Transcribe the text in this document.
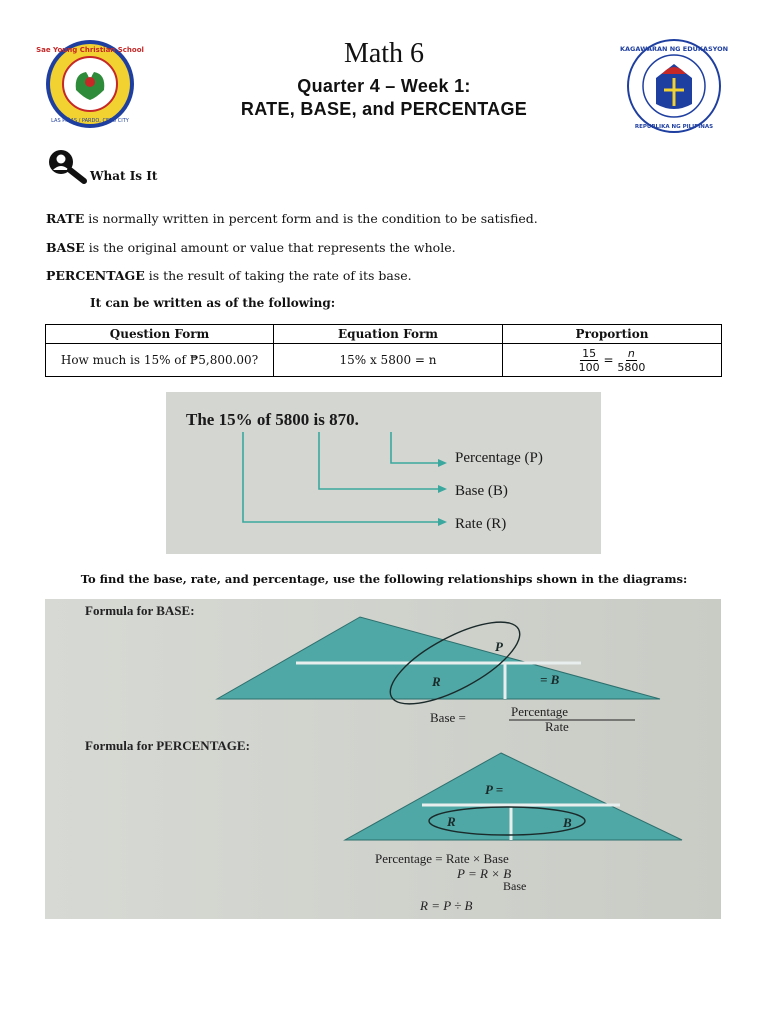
Sae Young Christian School
LAS PIÑAS / PARDO, CEBU CITY
Math 6
Quarter 4 – Week 1:
RATE, BASE, and PERCENTAGE
KAGAWARAN NG EDUKASYON
REPUBLIKA NG PILIPINAS
What Is It
RATE is normally written in percent form and is the condition to be satisfied.
BASE is the original amount or value that represents the whole.
PERCENTAGE is the result of taking the rate of its base.
It can be written as of the following:
Question Form	Equation Form	Proportion
How much is 15% of ₱5,800.00?	15% x 5800 = n	$\frac{15}{100} = \frac{n}{5800}$
The 15% of 5800 is 870.
Percentage (P)
Base (B)
Rate (R)
To find the base, rate, and percentage, use the following relationships shown in the diagrams:
Formula for BASE:
P
R	= B
Base =	Percentage
Rate
Formula for PERCENTAGE:
P =
R	B
Percentage = Rate × Base
P = R × B
Base
R = P ÷ B
